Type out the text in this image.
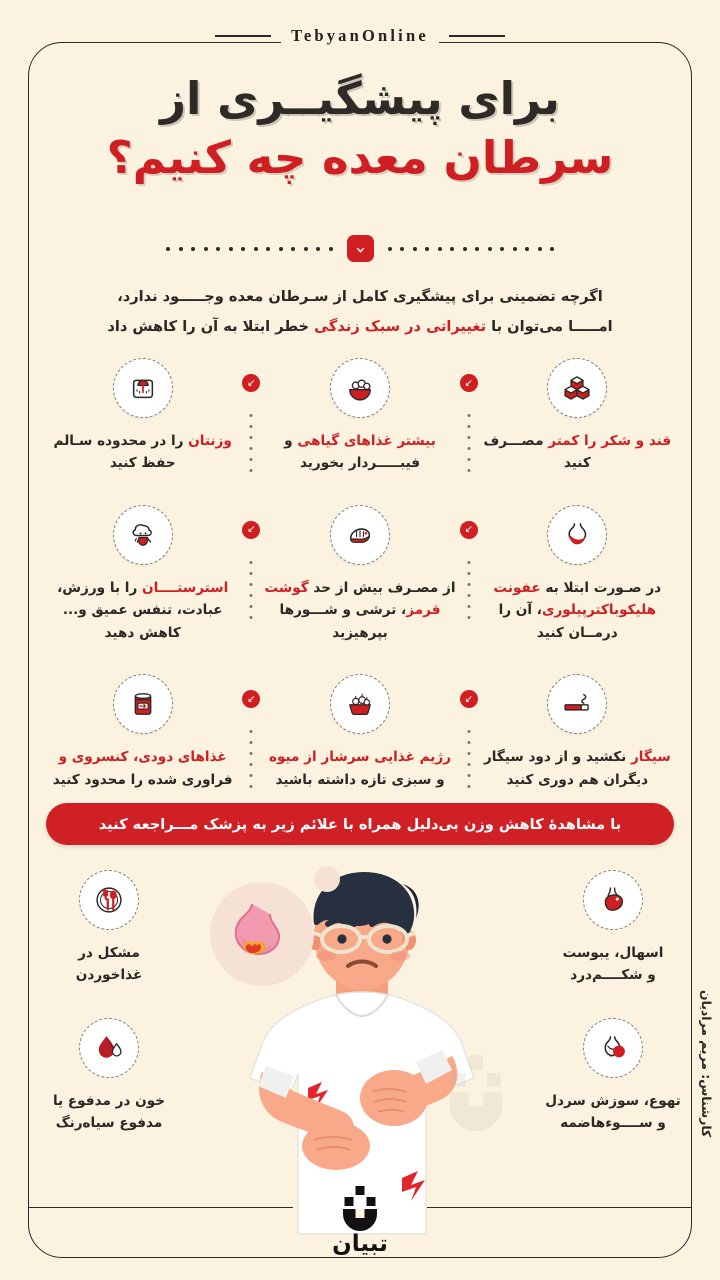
TebyanOnline
برای پیشگیــری از
سرطان معده چه کنیم؟
اگرچه تضمینی برای پیشگیری کامل از سـرطان معده وجـــــود ندارد،
امـــــا می‌توان با تغییراتی در سبک زندگی خطر ابتلا به آن را کاهش داد
قند و شکر را کمتر مصـــرف کنید
↙
بیشتر غذاهای گیاهی و فیبـــــردار بخورید
↙
وزنتان را در محدوده سـالم حفظ کنید
در صـورت ابتلا به عفونت هلیکوباکترپیلوری، آن را درمــان کنید
↙
از مصـرف بیش از حد گوشت قرمز، ترشی و شـــورها بپرهیزید
↙
استرستــــان را با ورزش، عبادت، تنفس عمیق و... کاهش دهید
سیگار نکشید و از دود سیگار دیگران هم دوری کنید
↙
رژیم غذایی سرشار از میوه و سبزی تازه داشته باشید
↙
غذاهای دودی، کنسروی و فراوری شده را محدود کنید
با مشاهدهٔ کاهش وزن بی‌دلیل همراه با علائم زیر به پزشک مـــراجعه کنید
اسهال، یبوست
و شکــــم‌درد
تهوع، سوزش سردل
و ســــوءهاضمه
مشکل در
غذاخوردن
خون در مدفوع یا
مدفوع سیاه‌رنگ	کارشناس: مریم مرادیان
تبیان
